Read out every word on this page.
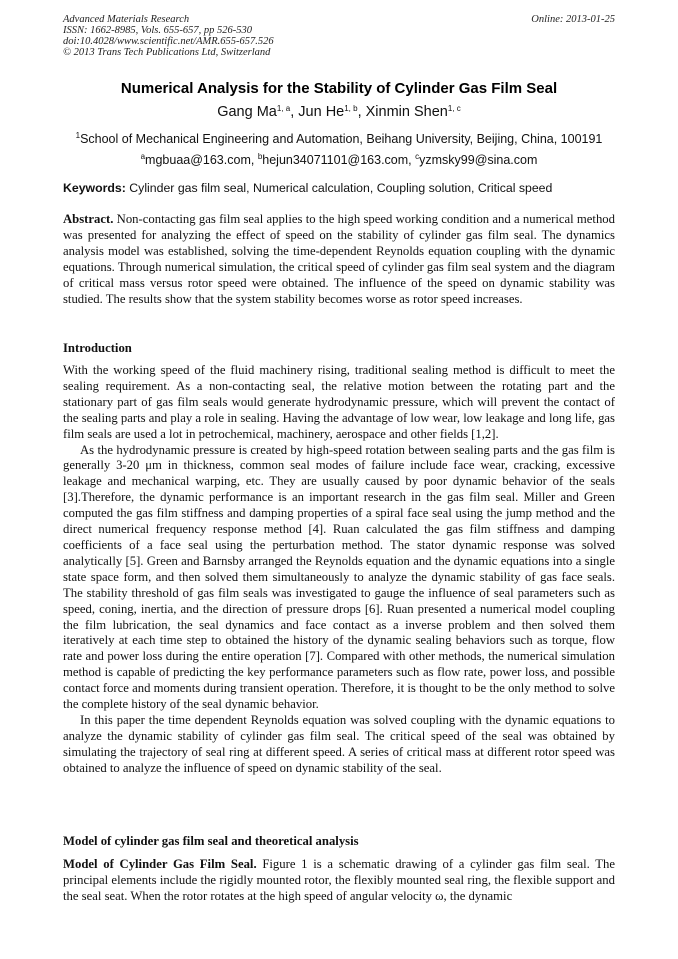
Advanced Materials Research
ISSN: 1662-8985, Vols. 655-657, pp 526-530
doi:10.4028/www.scientific.net/AMR.655-657.526
© 2013 Trans Tech Publications Ltd, Switzerland
Online: 2013-01-25
Numerical Analysis for the Stability of Cylinder Gas Film Seal
Gang Ma$^{1, a}$, Jun He$^{1, b}$, Xinmin Shen$^{1, c}$
$^1$School of Mechanical Engineering and Automation, Beihang University, Beijing, China, 100191
$^a$mgbuaa@163.com, $^b$hejun34071101@163.com, $^c$yzmsky99@sina.com
Keywords: Cylinder gas film seal, Numerical calculation, Coupling solution, Critical speed

Abstract. Non-contacting gas film seal applies to the high speed working condition and a numerical method was presented for analyzing the effect of speed on the stability of cylinder gas film seal. The dynamics analysis model was established, solving the time-dependent Reynolds equation coupling with the dynamic equations. Through numerical simulation, the critical speed of cylinder gas film seal system and the diagram of critical mass versus rotor speed were obtained. The influence of the speed on dynamic stability was studied. The results show that the system stability becomes worse as rotor speed increases.

Introduction

With the working speed of the fluid machinery rising, traditional sealing method is difficult to meet the sealing requirement. As a non-contacting seal, the relative motion between the rotating part and the stationary part of gas film seals would generate hydrodynamic pressure, which will prevent the contact of the sealing parts and play a role in sealing. Having the advantage of low wear, low leakage and long life, gas film seals are used a lot in petrochemical, machinery, aerospace and other fields [1,2].

As the hydrodynamic pressure is created by high-speed rotation between sealing parts and the gas film is generally 3-20 μm in thickness, common seal modes of failure include face wear, cracking, excessive leakage and mechanical warping, etc. They are usually caused by poor dynamic behavior of the seals [3].Therefore, the dynamic performance is an important research in the gas film seal. Miller and Green computed the gas film stiffness and damping properties of a spiral face seal using the jump method and the direct numerical frequency response method [4]. Ruan calculated the gas film stiffness and damping coefficients of a face seal using the perturbation method. The stator dynamic response was solved analytically [5]. Green and Barnsby arranged the Reynolds equation and the dynamic equations into a single state space form, and then solved them simultaneously to analyze the dynamic stability of gas face seals. The stability threshold of gas film seals was investigated to gauge the influence of seal parameters such as speed, coning, inertia, and the direction of pressure drops [6]. Ruan presented a numerical model coupling the film lubrication, the seal dynamics and face contact as a inverse problem and then solved them iteratively at each time step to obtained the history of the dynamic sealing behaviors such as torque, flow rate and power loss during the entire operation [7]. Compared with other methods, the numerical simulation method is capable of predicting the key performance parameters such as flow rate, power loss, and possible contact force and moments during transient operation. Therefore, it is thought to be the only method to solve the complete history of the seal dynamic behavior.

In this paper the time dependent Reynolds equation was solved coupling with the dynamic equations to analyze the dynamic stability of cylinder gas film seal. The critical speed of the seal was obtained by simulating the trajectory of seal ring at different speed. A series of critical mass at different rotor speed was obtained to analyze the influence of speed on dynamic stability of the seal.

Model of cylinder gas film seal and theoretical analysis

Model of Cylinder Gas Film Seal. Figure 1 is a schematic drawing of a cylinder gas film seal. The principal elements include the rigidly mounted rotor, the flexibly mounted seal ring, the flexible support and the seal seat. When the rotor rotates at the high speed of angular velocity ω, the dynamic
